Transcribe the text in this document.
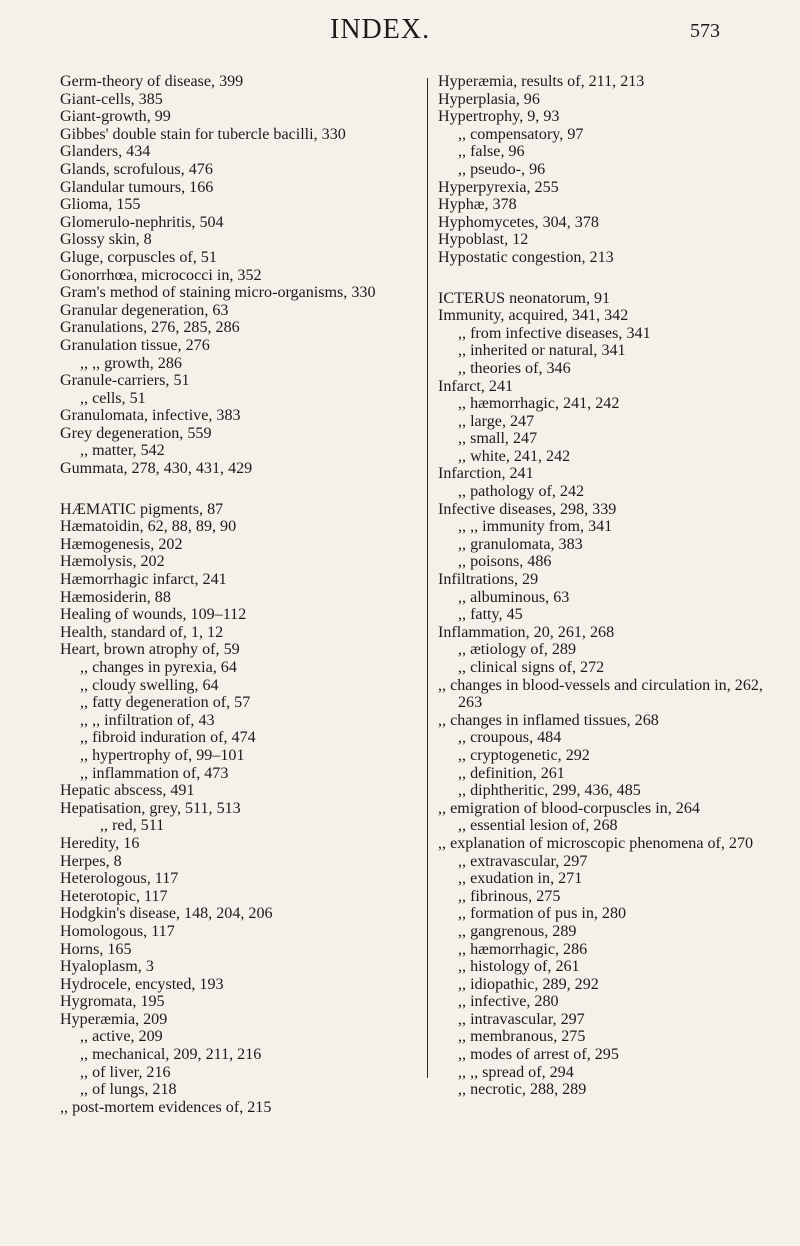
INDEX.	573
Germ-theory of disease, 399
Giant-cells, 385
Giant-growth, 99
Gibbes' double stain for tubercle bacilli, 330
Glanders, 434
Glands, scrofulous, 476
Glandular tumours, 166
Glioma, 155
Glomerulo-nephritis, 504
Glossy skin, 8
Gluge, corpuscles of, 51
Gonorrhœa, micrococci in, 352
Gram's method of staining micro-organisms, 330
Granular degeneration, 63
Granulations, 276, 285, 286
Granulation tissue, 276
,, ,, growth, 286
Granule-carriers, 51
,, cells, 51
Granulomata, infective, 383
Grey degeneration, 559
,, matter, 542
Gummata, 278, 430, 431, 429
HÆMATIC pigments, 87
Hæmatoidin, 62, 88, 89, 90
Hæmogenesis, 202
Hæmolysis, 202
Hæmorrhagic infarct, 241
Hæmosiderin, 88
Healing of wounds, 109–112
Health, standard of, 1, 12
Heart, brown atrophy of, 59
,, changes in pyrexia, 64
,, cloudy swelling, 64
,, fatty degeneration of, 57
,, ,, infiltration of, 43
,, fibroid induration of, 474
,, hypertrophy of, 99–101
,, inflammation of, 473
Hepatic abscess, 491
Hepatisation, grey, 511, 513
,, red, 511
Heredity, 16
Herpes, 8
Heterologous, 117
Heterotopic, 117
Hodgkin's disease, 148, 204, 206
Homologous, 117
Horns, 165
Hyaloplasm, 3
Hydrocele, encysted, 193
Hygromata, 195
Hyperæmia, 209
,, active, 209
,, mechanical, 209, 211, 216
,, of liver, 216
,, of lungs, 218
,, post-mortem evidences of, 215
Hyperæmia, results of, 211, 213
Hyperplasia, 96
Hypertrophy, 9, 93
,, compensatory, 97
,, false, 96
,, pseudo-, 96
Hyperpyrexia, 255
Hyphæ, 378
Hyphomycetes, 304, 378
Hypoblast, 12
Hypostatic congestion, 213
ICTERUS neonatorum, 91
Immunity, acquired, 341, 342
,, from infective diseases, 341
,, inherited or natural, 341
,, theories of, 346
Infarct, 241
,, hæmorrhagic, 241, 242
,, large, 247
,, small, 247
,, white, 241, 242
Infarction, 241
,, pathology of, 242
Infective diseases, 298, 339
,, ,, immunity from, 341
,, granulomata, 383
,, poisons, 486
Infiltrations, 29
,, albuminous, 63
,, fatty, 45
Inflammation, 20, 261, 268
,, ætiology of, 289
,, clinical signs of, 272
,, changes in blood-vessels and circulation in, 262, 263
,, changes in inflamed tissues, 268
,, croupous, 484
,, cryptogenetic, 292
,, definition, 261
,, diphtheritic, 299, 436, 485
,, emigration of blood-corpuscles in, 264
,, essential lesion of, 268
,, explanation of microscopic phenomena of, 270
,, extravascular, 297
,, exudation in, 271
,, fibrinous, 275
,, formation of pus in, 280
,, gangrenous, 289
,, hæmorrhagic, 286
,, histology of, 261
,, idiopathic, 289, 292
,, infective, 280
,, intravascular, 297
,, membranous, 275
,, modes of arrest of, 295
,, ,, spread of, 294
,, necrotic, 288, 289
